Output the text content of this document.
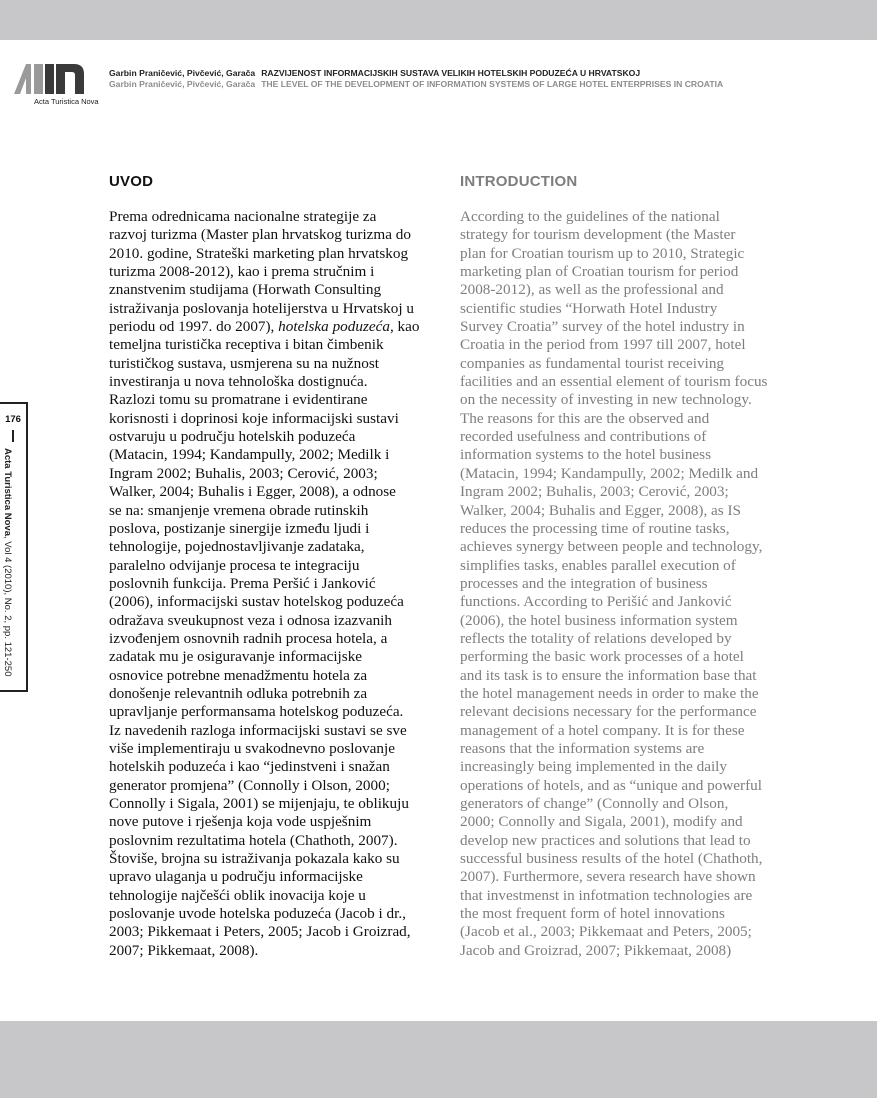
Acta Turistica Nova
Garbin Praničević, Pivčević, Garača RAZVIJENOST INFORMACIJSKIH SUSTAVA VELIKIH HOTELSKIH PODUZEĆA U HRVATSKOJ
Garbin Praničević, Pivčević, Garača THE LEVEL OF THE DEVELOPMENT OF INFORMATION SYSTEMS OF LARGE HOTEL ENTERPRISES IN CROATIA
176
Acta Turistica Nova, Vol 4 (2010), No. 2, pp. 121-250
UVOD	INTRODUCTION

Prema odrednicama nacionalne strategije za
razvoj turizma (Master plan hrvatskog turizma do
2010. godine, Strateški marketing plan hrvatskog
turizma 2008-2012), kao i prema stručnim i
znanstvenim studijama (Horwath Consulting
istraživanja poslovanja hotelijerstva u Hrvatskoj u
periodu od 1997. do 2007), hotelska poduzeća, kao
temeljna turistička receptiva i bitan čimbenik
turističkog sustava, usmjerena su na nužnost
investiranja u nova tehnološka dostignuća.
Razlozi tomu su promatrane i evidentirane
korisnosti i doprinosi koje informacijski sustavi
ostvaruju u području hotelskih poduzeća
(Matacin, 1994; Kandampully, 2002; Medilk i
Ingram 2002; Buhalis, 2003; Cerović, 2003;
Walker, 2004; Buhalis i Egger, 2008), a odnose
se na: smanjenje vremena obrade rutinskih
poslova, postizanje sinergije između ljudi i
tehnologije, pojednostavljivanje zadataka,
paralelno odvijanje procesa te integraciju
poslovnih funkcija. Prema Peršić i Janković
(2006), informacijski sustav hotelskog poduzeća
odražava sveukupnost veza i odnosa izazvanih
izvođenjem osnovnih radnih procesa hotela, a
zadatak mu je osiguravanje informacijske
osnovice potrebne menadžmentu hotela za
donošenje relevantnih odluka potrebnih za
upravljanje performansama hotelskog poduzeća.
Iz navedenih razloga informacijski sustavi se sve
više implementiraju u svakodnevno poslovanje
hotelskih poduzeća i kao “jedinstveni i snažan
generator promjena” (Connolly i Olson, 2000;
Connolly i Sigala, 2001) se mijenjaju, te oblikuju
nove putove i rješenja koja vode uspješnim
poslovnim rezultatima hotela (Chathoth, 2007).
Štoviše, brojna su istraživanja pokazala kako su
upravo ulaganja u području informacijske
tehnologije najčešći oblik inovacija koje u
poslovanje uvode hotelska poduzeća (Jacob i dr.,
2003; Pikkemaat i Peters, 2005; Jacob i Groizrad,
2007; Pikkemaat, 2008).

According to the guidelines of the national
strategy for tourism development (the Master
plan for Croatian tourism up to 2010, Strategic
marketing plan of Croatian tourism for period
2008-2012), as well as the professional and
scientific studies “Horwath Hotel Industry
Survey Croatia” survey of the hotel industry in
Croatia in the period from 1997 till 2007, hotel
companies as fundamental tourist receiving
facilities and an essential element of tourism focus
on the necessity of investing in new technology.
The reasons for this are the observed and
recorded usefulness and contributions of
information systems to the hotel business
(Matacin, 1994; Kandampully, 2002; Medilk and
Ingram 2002; Buhalis, 2003; Cerović, 2003;
Walker, 2004; Buhalis and Egger, 2008), as IS
reduces the processing time of routine tasks,
achieves synergy between people and technology,
simplifies tasks, enables parallel execution of
processes and the integration of business
functions. According to Perišić and Janković
(2006), the hotel business information system
reflects the totality of relations developed by
performing the basic work processes of a hotel
and its task is to ensure the information base that
the hotel management needs in order to make the
relevant decisions necessary for the performance
management of a hotel company. It is for these
reasons that the information systems are
increasingly being implemented in the daily
operations of hotels, and as “unique and powerful
generators of change” (Connolly and Olson,
2000; Connolly and Sigala, 2001), modify and
develop new practices and solutions that lead to
successful business results of the hotel (Chathoth,
2007). Furthermore, severa research have shown
that investmenst in infotmation technologies are
the most frequent form of hotel innovations
(Jacob et al., 2003; Pikkemaat and Peters, 2005;
Jacob and Groizrad, 2007; Pikkemaat, 2008)
